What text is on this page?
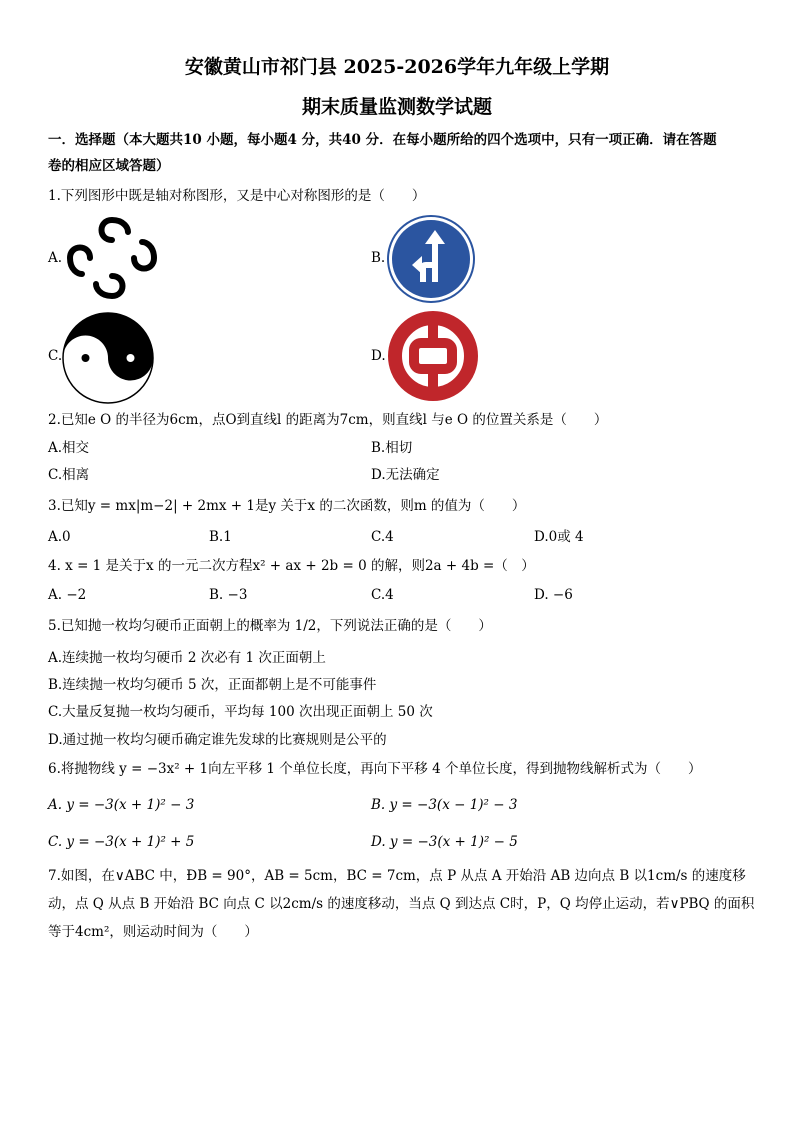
安徽黄山市祁门县 2025-2026学年九年级上学期
期末质量监测数学试题
一．选择题（本大题共10 小题，每小题4 分，共40 分．在每小题所给的四个选项中，只有一项正确．请在答题
卷的相应区域答题）
1.下列图形中既是轴对称图形，又是中心对称图形的是（　　）
A.	B.
C.	D.
2.已知e O 的半径为6cm，点O到直线l 的距离为7cm，则直线l 与e O 的位置关系是（　　）
A.相交	B.相切
C.相离	D.无法确定
3.已知y = mx|m−2| + 2mx + 1是y 关于x 的二次函数，则m 的值为（　　）
A.0	B.1	C.4	D.0或 4
4. x = 1 是关于x 的一元二次方程x² + ax + 2b = 0 的解，则2a + 4b =（　）
A. −2	B. −3	C.4	D. −6
5.已知抛一枚均匀硬币正面朝上的概率为 1/2，下列说法正确的是（　　）
A.连续抛一枚均匀硬币 2 次必有 1 次正面朝上
B.连续抛一枚均匀硬币 5 次，正面都朝上是不可能事件
C.大量反复抛一枚均匀硬币，平均每 100 次出现正面朝上 50 次
D.通过抛一枚均匀硬币确定谁先发球的比赛规则是公平的
6.将抛物线 y = −3x² + 1向左平移 1 个单位长度，再向下平移 4 个单位长度，得到抛物线解析式为（　　）
A. y = −3(x + 1)² − 3	B. y = −3(x − 1)² − 3
C. y = −3(x + 1)² + 5	D. y = −3(x + 1)² − 5
7.如图，在∨ABC 中，ÐB = 90°，AB = 5cm，BC = 7cm，点 P 从点 A 开始沿 AB 边向点 B 以1cm/s 的速度移
动，点 Q 从点 B 开始沿 BC 向点 C 以2cm/s 的速度移动，当点 Q 到达点 C时，P，Q 均停止运动，若∨PBQ 的面积
等于4cm²，则运动时间为（　　）
